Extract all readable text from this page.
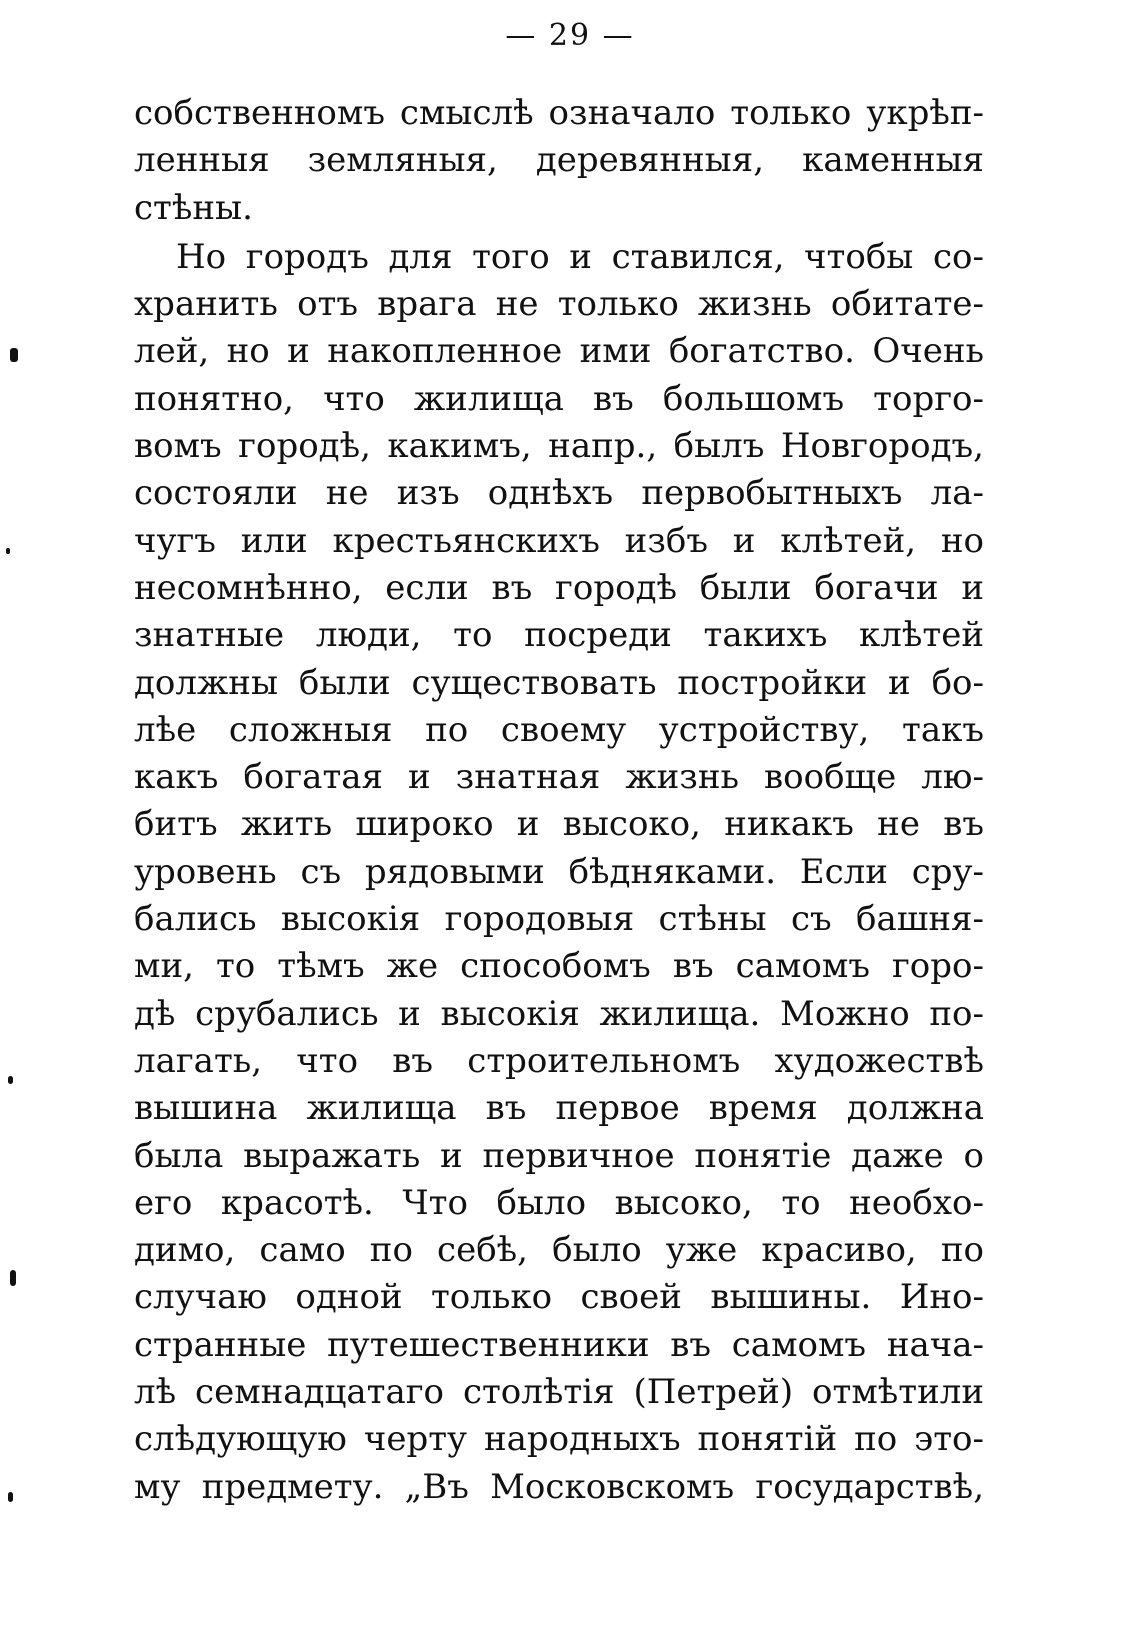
— 29 —
собственномъ смыслѣ означало только укрѣп-
ленныя земляныя, деревянныя, каменныя
стѣны.
Но городъ для того и ставился, чтобы со-
хранить отъ врага не только жизнь обитате-
лей, но и накопленное ими богатство. Очень
понятно, что жилища въ большомъ торго-
вомъ городѣ, какимъ, напр., былъ Новгородъ,
состояли не изъ однѣхъ первобытныхъ ла-
чугъ или крестьянскихъ избъ и клѣтей, но
несомнѣнно, если въ городѣ были богачи и
знатные люди, то посреди такихъ клѣтей
должны были существовать постройки и бо-
лѣе сложныя по своему устройству, такъ
какъ богатая и знатная жизнь вообще лю-
битъ жить широко и высоко, никакъ не въ
уровень съ рядовыми бѣдняками. Если сру-
бались высокія городовыя стѣны съ башня-
ми, то тѣмъ же способомъ въ самомъ горо-
дѣ срубались и высокія жилища. Можно по-
лагать, что въ строительномъ художествѣ
вышина жилища въ первое время должна
была выражать и первичное понятіе даже о
его красотѣ. Что было высоко, то необхо-
димо, само по себѣ, было уже красиво, по
случаю одной только своей вышины. Ино-
странные путешественники въ самомъ нача-
лѣ семнадцатаго столѣтія (Петрей) отмѣтили
слѣдующую черту народныхъ понятій по это-
му предмету. „Въ Московскомъ государствѣ,
